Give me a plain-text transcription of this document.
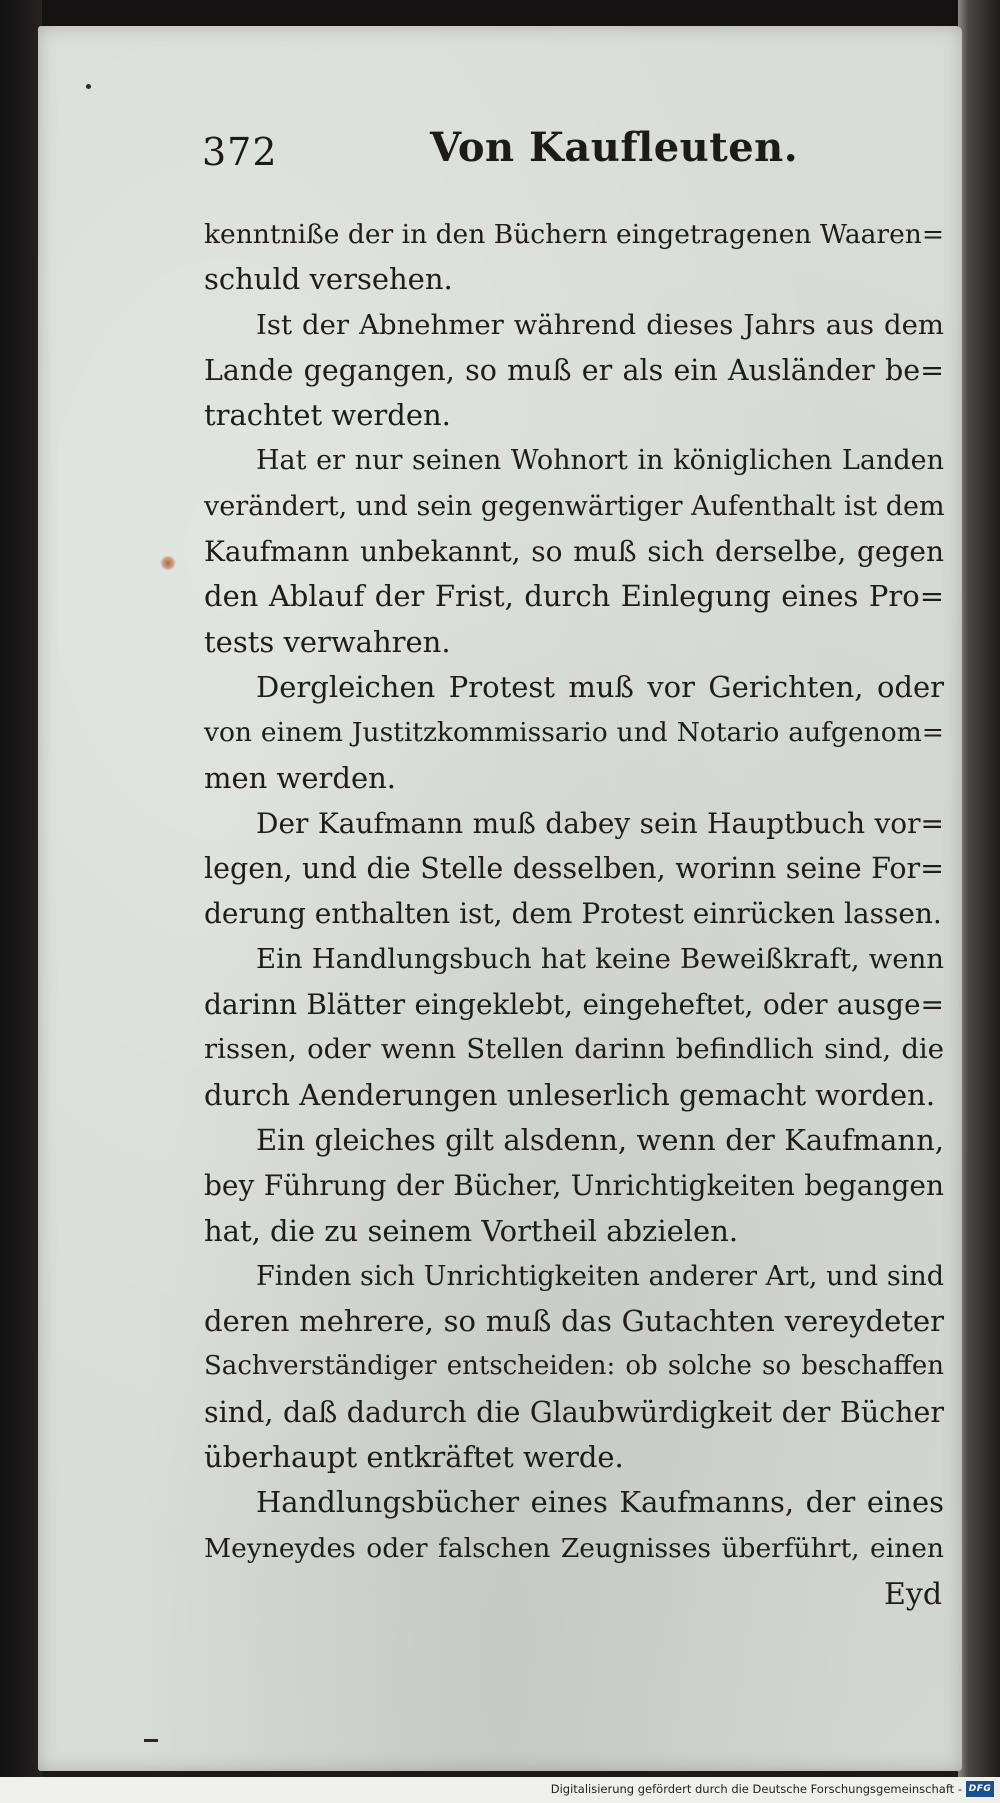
372	Von Kaufleuten.
kenntniße der in den Büchern eingetragenen Waaren=
schuld versehen.
Ist der Abnehmer während dieses Jahrs aus dem
Lande gegangen, so muß er als ein Ausländer be=
trachtet werden.
Hat er nur seinen Wohnort in königlichen Landen
verändert, und sein gegenwärtiger Aufenthalt ist dem
Kaufmann unbekannt, so muß sich derselbe, gegen
den Ablauf der Frist, durch Einlegung eines Pro=
tests verwahren.
Dergleichen Protest muß vor Gerichten, oder
von einem Justitzkommissario und Notario aufgenom=
men werden.
Der Kaufmann muß dabey sein Hauptbuch vor=
legen, und die Stelle desselben, worinn seine For=
derung enthalten ist, dem Protest einrücken lassen.
Ein Handlungsbuch hat keine Beweißkraft, wenn
darinn Blätter eingeklebt, eingeheftet, oder ausge=
rissen, oder wenn Stellen darinn befindlich sind, die
durch Aenderungen unleserlich gemacht worden.
Ein gleiches gilt alsdenn, wenn der Kaufmann,
bey Führung der Bücher, Unrichtigkeiten begangen
hat, die zu seinem Vortheil abzielen.
Finden sich Unrichtigkeiten anderer Art, und sind
deren mehrere, so muß das Gutachten vereydeter
Sachverständiger entscheiden: ob solche so beschaffen
sind, daß dadurch die Glaubwürdigkeit der Bücher
überhaupt entkräftet werde.
Handlungsbücher eines Kaufmanns, der eines
Meyneydes oder falschen Zeugnisses überführt, einen
Eyd
Digitalisierung gefördert durch die Deutsche Forschungsgemeinschaft - DFG
